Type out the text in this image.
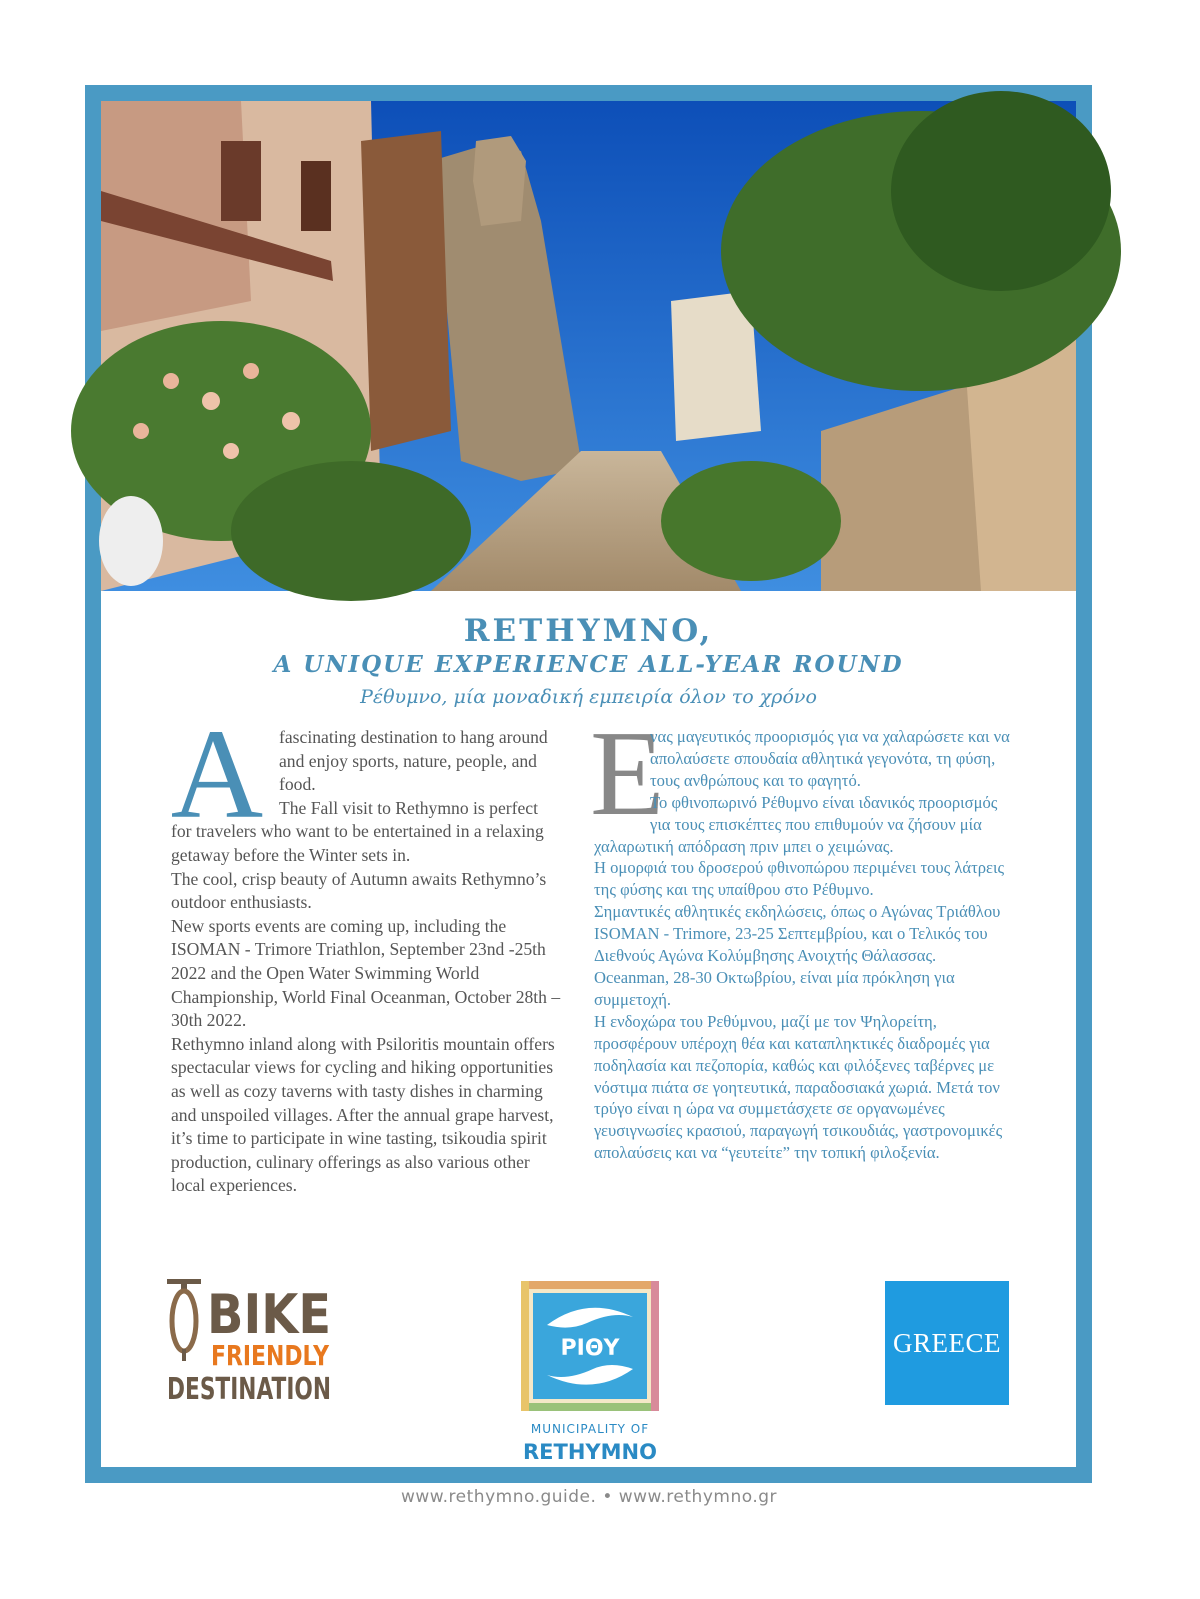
RETHYMNO,
A UNIQUE EXPERIENCE ALL-YEAR ROUND
Ρέθυμνο, μία μοναδική εμπειρία όλον το χρόνο
A fascinating destination to hang around and enjoy sports, nature, people, and food.

The Fall visit to Rethymno is perfect for travelers who want to be entertained in a relaxing getaway before the Winter sets in.

The cool, crisp beauty of Autumn awaits Rethymno’s outdoor enthusiasts.

New sports events are coming up, including the ISOMAN - Trimore Triathlon, September 23nd -25th 2022 and the Open Water Swimming World Championship, World Final Oceanman, October 28th – 30th 2022.

Rethymno inland along with Psiloritis mountain offers spectacular views for cycling and hiking opportunities as well as cozy taverns with tasty dishes in charming and unspoiled villages. After the annual grape harvest, it’s time to participate in wine tasting, tsikoudia spirit production, culinary offerings as also various other local experiences.

Ε

νας μαγευτικός προορισμός για να χαλαρώσετε και να απολαύσετε σπουδαία αθλητικά γεγονότα, τη φύση, τους ανθρώπους και το φαγητό.

Το φθινοπωρινό Ρέθυμνο είναι ιδανικός προορισμός για τους επισκέπτες που επιθυμούν να ζήσουν μία χαλαρωτική απόδραση πριν μπει ο χειμώνας.

Η ομορφιά του δροσερού φθινοπώρου περιμένει τους λάτρεις της φύσης και της υπαίθρου στο Ρέθυμνο.

Σημαντικές αθλητικές εκδηλώσεις, όπως ο Αγώνας Τριάθλου ISOMAN - Trimore, 23-25 Σεπτεμβρίου, και ο Τελικός του Διεθνούς Αγώνα Κολύμβησης Ανοιχτής Θάλασσας. Oceanman, 28-30 Οκτωβρίου, είναι μία πρόκληση για συμμετοχή.

Η ενδοχώρα του Ρεθύμνου, μαζί με τον Ψηλορείτη, προσφέρουν υπέροχη θέα και καταπληκτικές διαδρομές για ποδηλασία και πεζοπορία, καθώς και φιλόξενες ταβέρνες με νόστιμα πιάτα σε γοητευτικά, παραδοσιακά χωριά. Μετά τον τρύγο είναι η ώρα να συμμετάσχετε σε οργανωμένες γευσιγνωσίες κρασιού, παραγωγή τσικουδιάς, γαστρονομικές απολαύσεις και να “γευτείτε” την τοπική φιλοξενία.

BIKE
FRIENDLY
DESTINATION
ΡΙΘΥ
MUNICIPALITY OF
RETHYMNO
GREECE
www.rethymno.guide. • www.rethymno.gr
